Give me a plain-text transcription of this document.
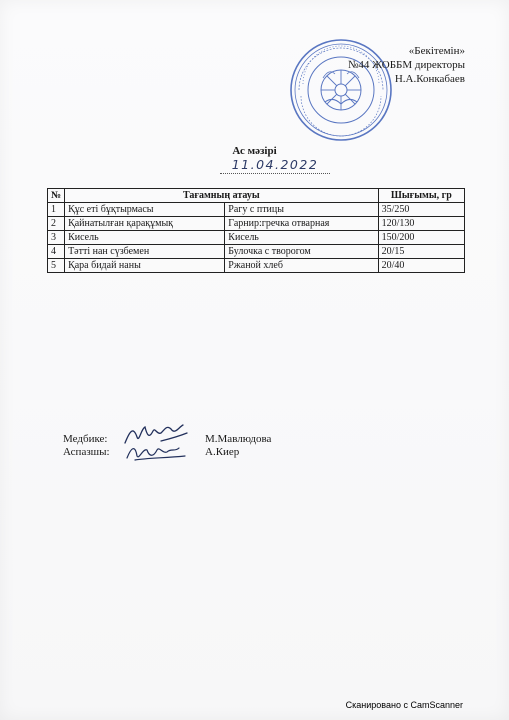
«Бекітемін»
№44 ЖОББМ директоры
Н.А.Конкабаев
Ас мәзірі
11.04.2022
№	Тағамның атауы		Шығымы, гр
1	Құс еті бұқтырмасы	Рагу с птицы	35/250
2	Қайнатылған қарақұмық	Гарнир:гречка отварная	120/130
3	Кисель	Кисель	150/200
4	Тәтті нан сүзбемен	Булочка с творогом	20/15
5	Қара бидай наны	Ржаной хлеб	20/40
Медбике:	М.Мавлюдова
Аспазшы:	А.Киер
Сканировано с CamScanner
